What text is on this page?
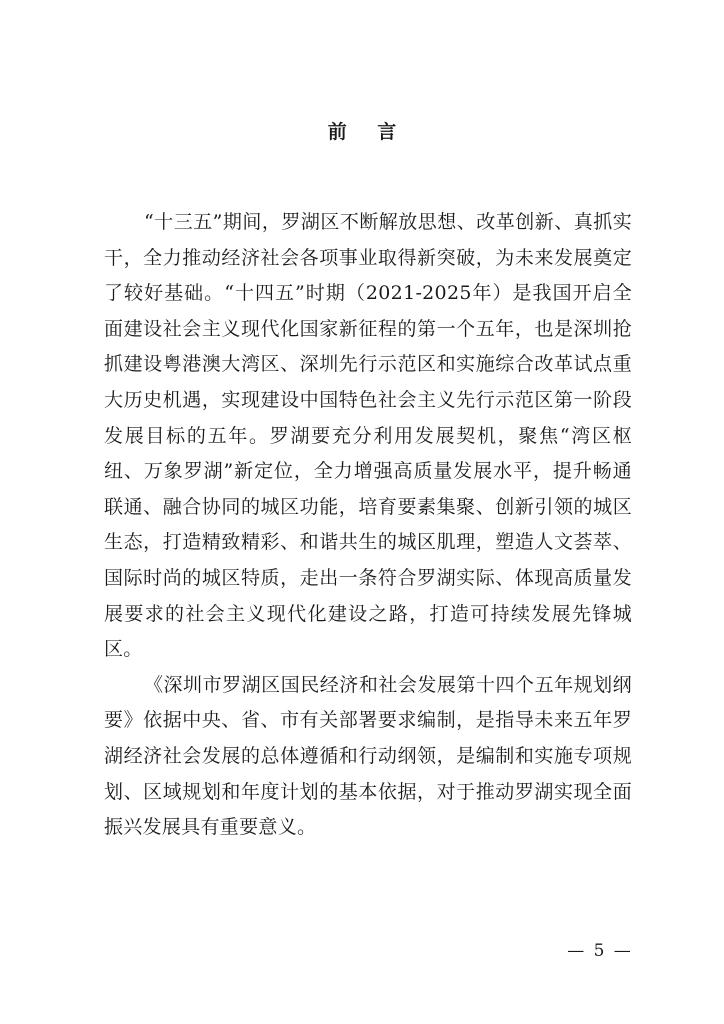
前 言

“十三五”期间，罗湖区不断解放思想、改革创新、真抓实干，全力推动经济社会各项事业取得新突破，为未来发展奠定了较好基础。“十四五”时期（2021-2025年）是我国开启全面建设社会主义现代化国家新征程的第一个五年，也是深圳抢抓建设粤港澳大湾区、深圳先行示范区和实施综合改革试点重大历史机遇，实现建设中国特色社会主义先行示范区第一阶段发展目标的五年。罗湖要充分利用发展契机，聚焦“湾区枢纽、万象罗湖”新定位，全力增强高质量发展水平，提升畅通联通、融合协同的城区功能，培育要素集聚、创新引领的城区生态，打造精致精彩、和谐共生的城区肌理，塑造人文荟萃、国际时尚的城区特质，走出一条符合罗湖实际、体现高质量发展要求的社会主义现代化建设之路，打造可持续发展先锋城区。

《深圳市罗湖区国民经济和社会发展第十四个五年规划纲要》依据中央、省、市有关部署要求编制，是指导未来五年罗湖经济社会发展的总体遵循和行动纲领，是编制和实施专项规划、区域规划和年度计划的基本依据，对于推动罗湖实现全面振兴发展具有重要意义。

— 5 —
